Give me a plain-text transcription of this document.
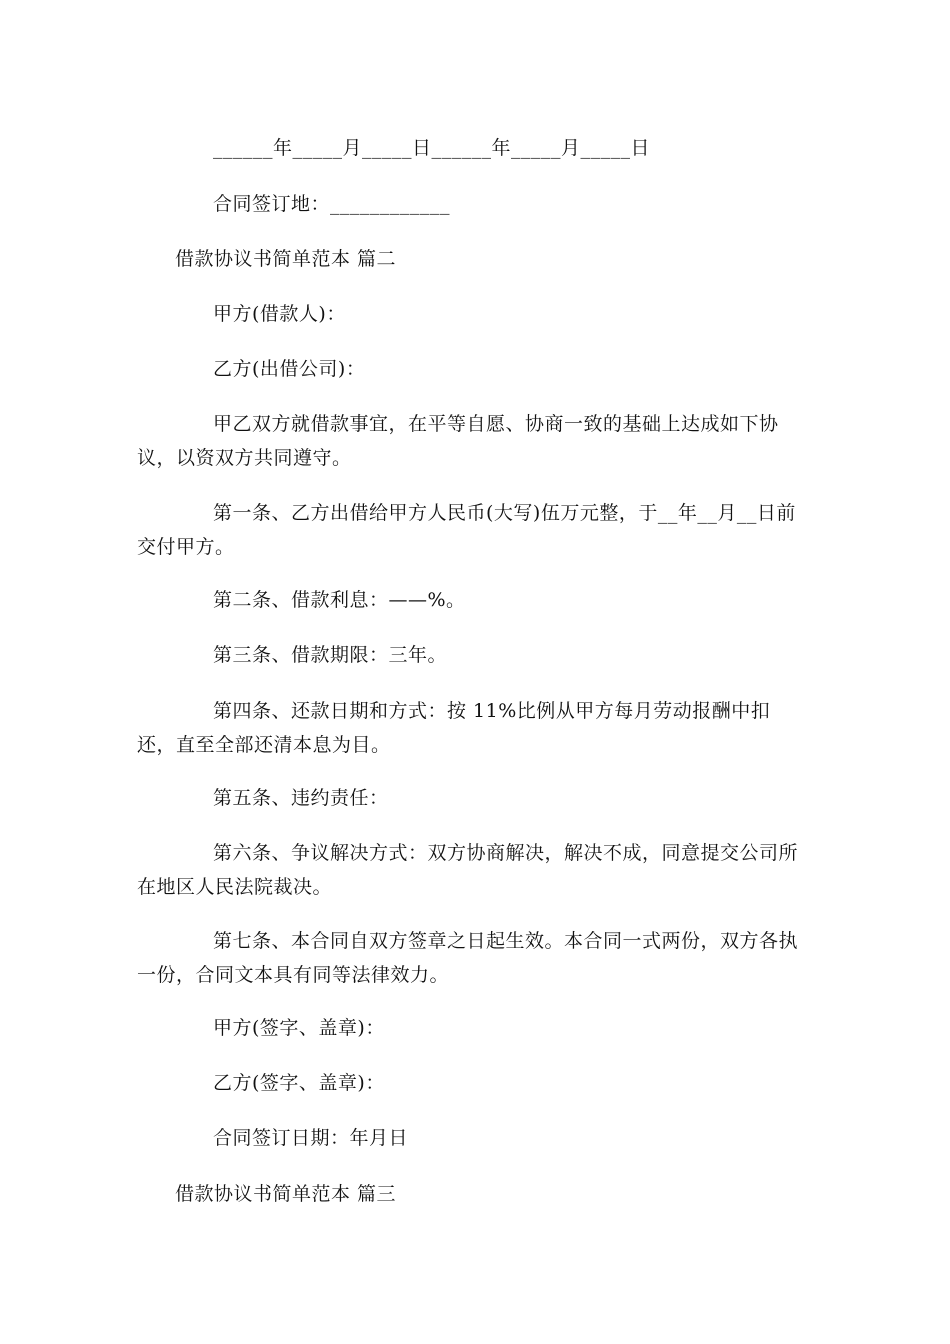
______年_____月_____日______年_____月_____日
合同签订地：____________
借款协议书简单范本 篇二
甲方(借款人)：
乙方(出借公司)：
甲乙双方就借款事宜，在平等自愿、协商一致的基础上达成如下协议，以资双方共同遵守。
第一条、乙方出借给甲方人民币(大写)伍万元整，于__年__月__日前交付甲方。
第二条、借款利息：——%。
第三条、借款期限：三年。
第四条、还款日期和方式：按 11%比例从甲方每月劳动报酬中扣还，直至全部还清本息为目。
第五条、违约责任：
第六条、争议解决方式：双方协商解决，解决不成，同意提交公司所在地区人民法院裁决。
第七条、本合同自双方签章之日起生效。本合同一式两份，双方各执一份，合同文本具有同等法律效力。
甲方(签字、盖章)：
乙方(签字、盖章)：
合同签订日期：年月日
借款协议书简单范本 篇三
